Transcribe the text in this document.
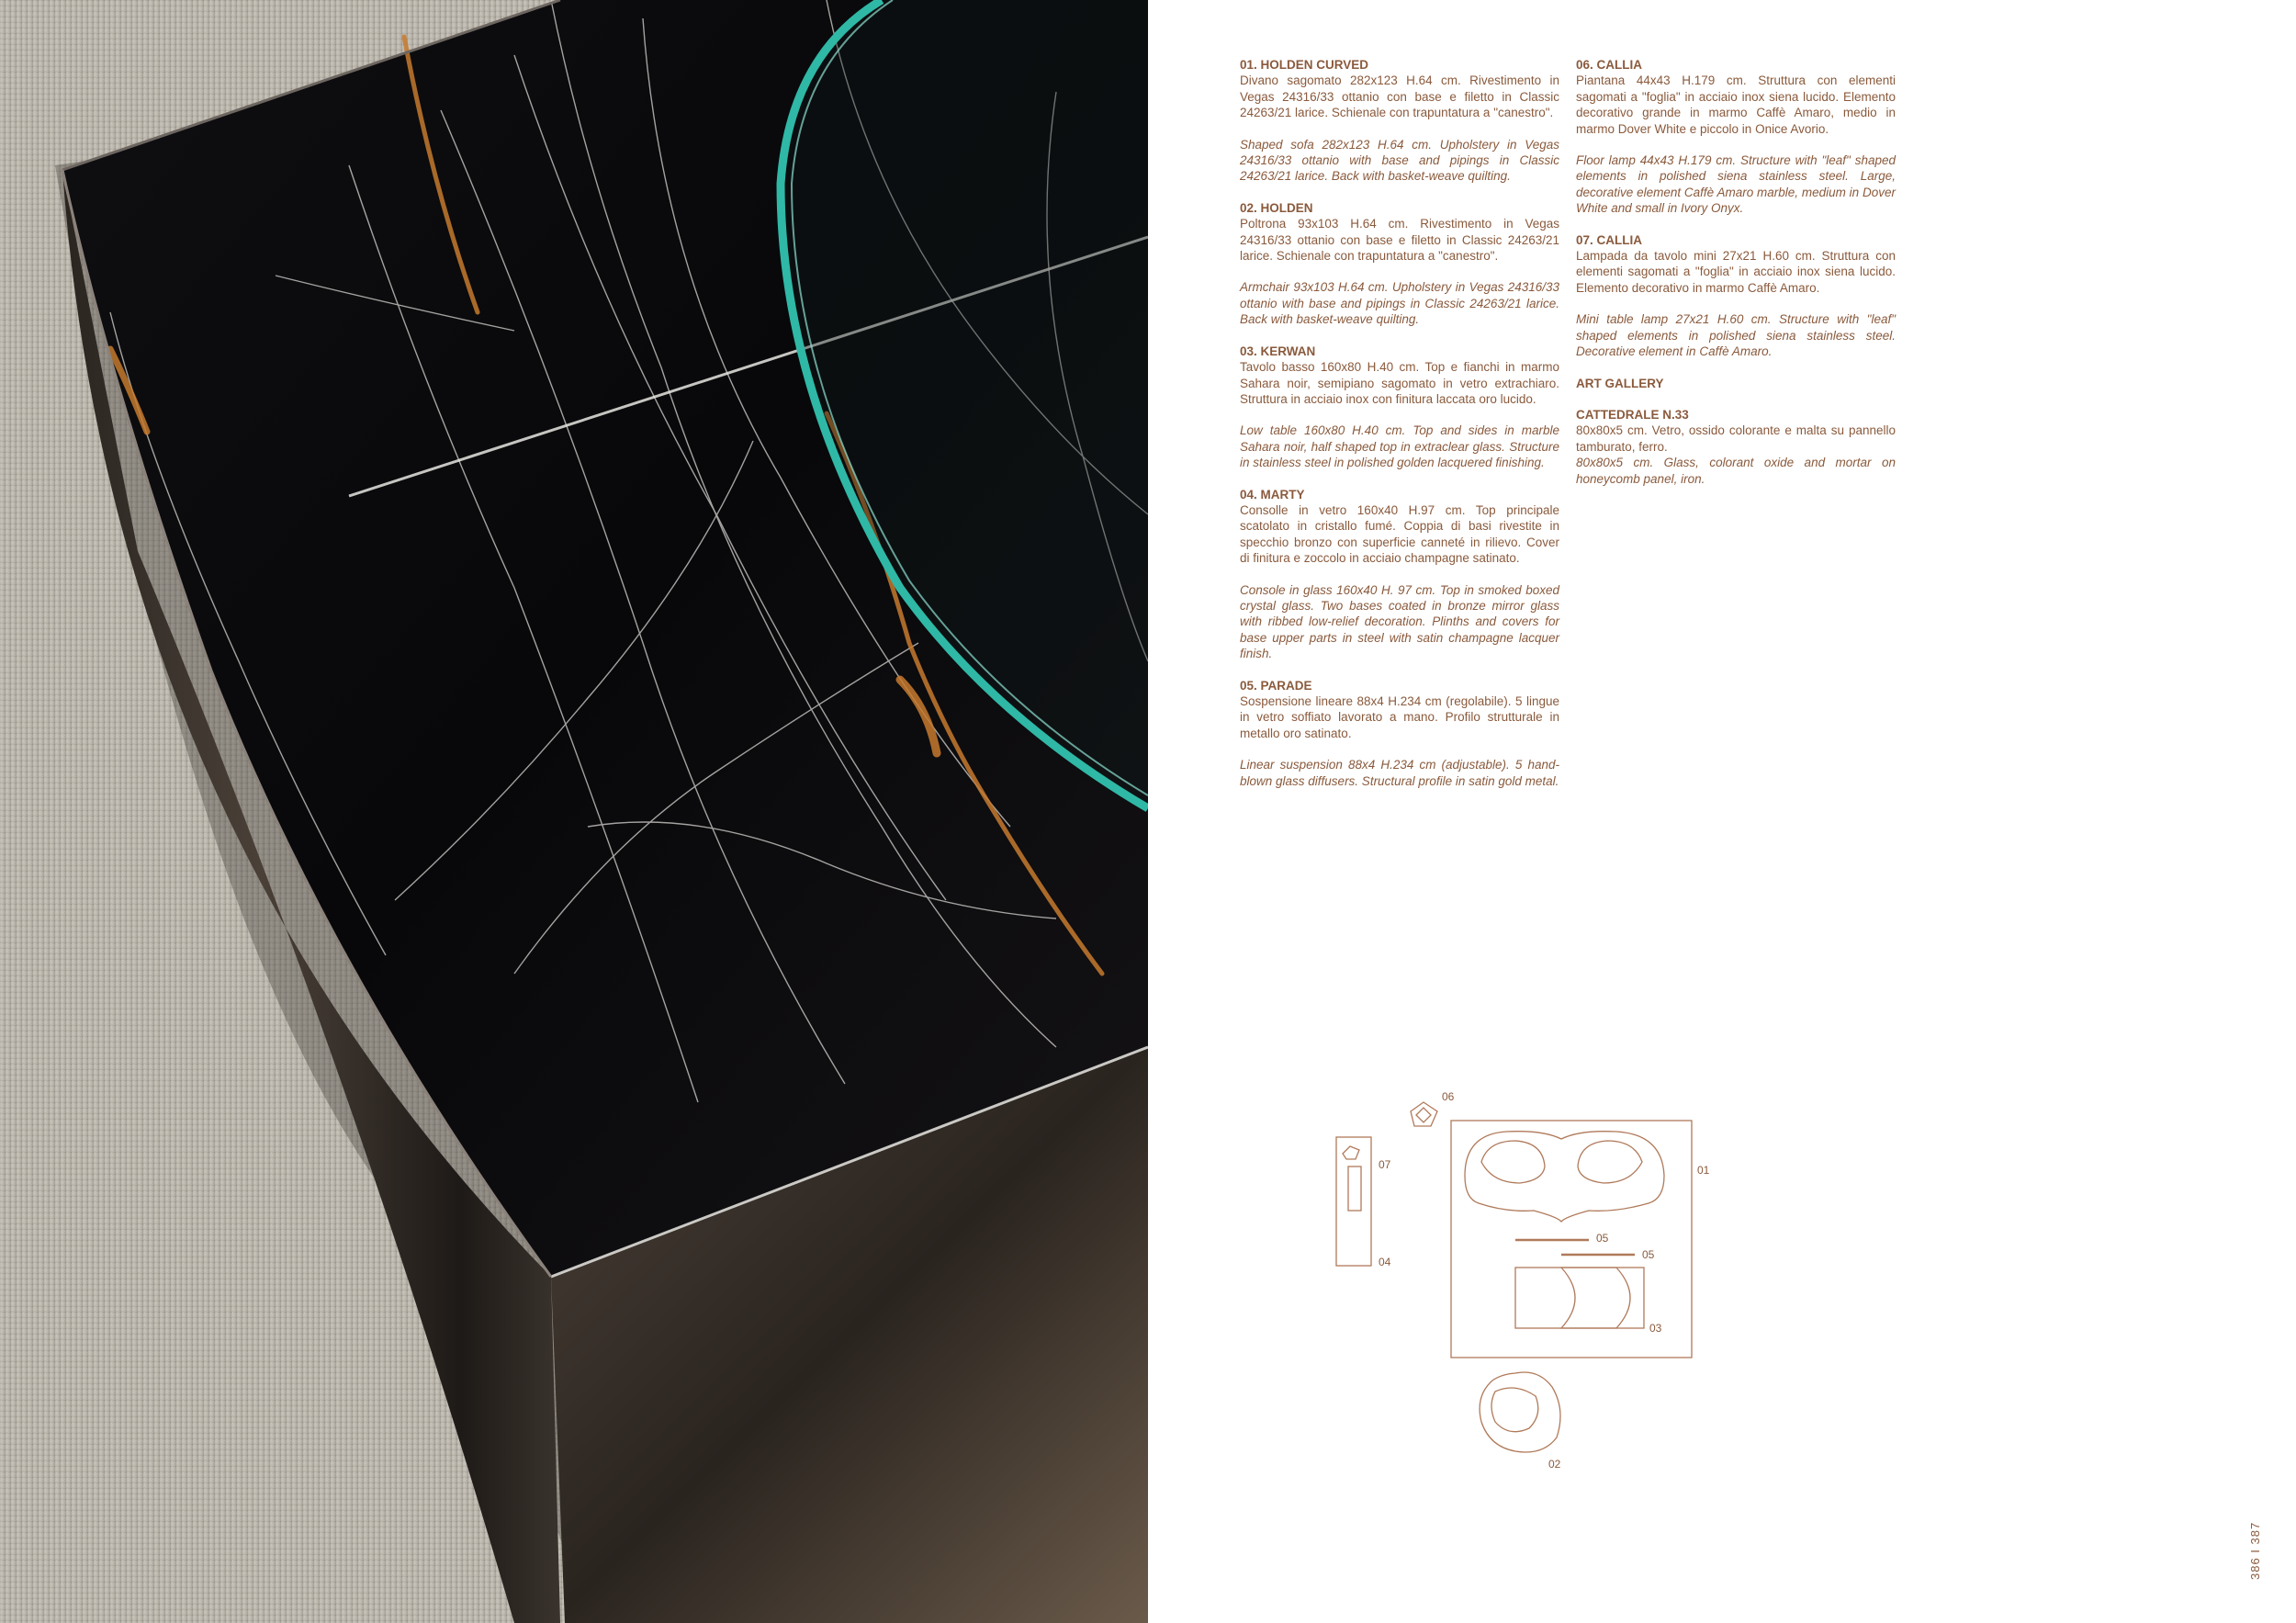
01. HOLDEN CURVED

Divano sagomato 282x123 H.64 cm. Rivestimento in Vegas 24316/33 ottanio con base e filetto in Classic 24263/21 larice. Schienale con trapuntatura a "canestro".

Shaped sofa 282x123 H.64 cm. Upholstery in Vegas 24316/33 ottanio with base and pipings in Classic 24263/21 larice. Back with basket-weave quilting.

02. HOLDEN

Poltrona 93x103 H.64 cm. Rivestimento in Vegas 24316/33 ottanio con base e filetto in Classic 24263/21 larice. Schienale con trapuntatura a "canestro".

Armchair 93x103 H.64 cm. Upholstery in Vegas 24316/33 ottanio with base and pipings in Classic 24263/21 larice. Back with basket-weave quilting.

03. KERWAN

Tavolo basso 160x80 H.40 cm. Top e fianchi in marmo Sahara noir, semipiano sagomato in vetro extrachiaro. Struttura in acciaio inox con finitura laccata oro lucido.

Low table 160x80 H.40 cm. Top and sides in marble Sahara noir, half shaped top in extraclear glass. Structure in stainless steel in polished golden lacquered finishing.

04. MARTY

Consolle in vetro 160x40 H.97 cm. Top principale scatolato in cristallo fumé. Coppia di basi rivestite in specchio bronzo con superficie canneté in rilievo. Cover di finitura e zoccolo in acciaio champagne satinato.

Console in glass 160x40 H. 97 cm. Top in smoked boxed crystal glass. Two bases coated in bronze mirror glass with ribbed low-relief decoration. Plinths and covers for base upper parts in steel with satin champagne lacquer finish.

05. PARADE

Sospensione lineare 88x4 H.234 cm (regolabile). 5 lingue in vetro soffiato lavorato a mano. Profilo strutturale in metallo oro satinato.

Linear suspension 88x4 H.234 cm (adjustable). 5 hand-blown glass diffusers. Structural profile in satin gold metal.

06. CALLIA

Piantana 44x43 H.179 cm. Struttura con elementi sagomati a "foglia" in acciaio inox siena lucido. Elemento decorativo grande in marmo Caffè Amaro, medio in marmo Dover White e piccolo in Onice Avorio.

Floor lamp 44x43 H.179 cm. Structure with "leaf" shaped elements in polished siena stainless steel. Large, decorative element Caffè Amaro marble, medium in Dover White and small in Ivory Onyx.

07. CALLIA

Lampada da tavolo mini 27x21 H.60 cm. Struttura con elementi sagomati a "foglia" in acciaio inox siena lucido. Elemento decorativo in marmo Caffè Amaro.

Mini table lamp 27x21 H.60 cm. Structure with "leaf" shaped elements in polished siena stainless steel. Decorative element in Caffè Amaro.

ART GALLERY
CATTEDRALE N.33

80x80x5 cm. Vetro, ossido colorante e malta su pannello tamburato, ferro.

80x80x5 cm. Glass, colorant oxide and mortar on honeycomb panel, iron.

386 I 387
01
02
03
04
05
05
06
07
